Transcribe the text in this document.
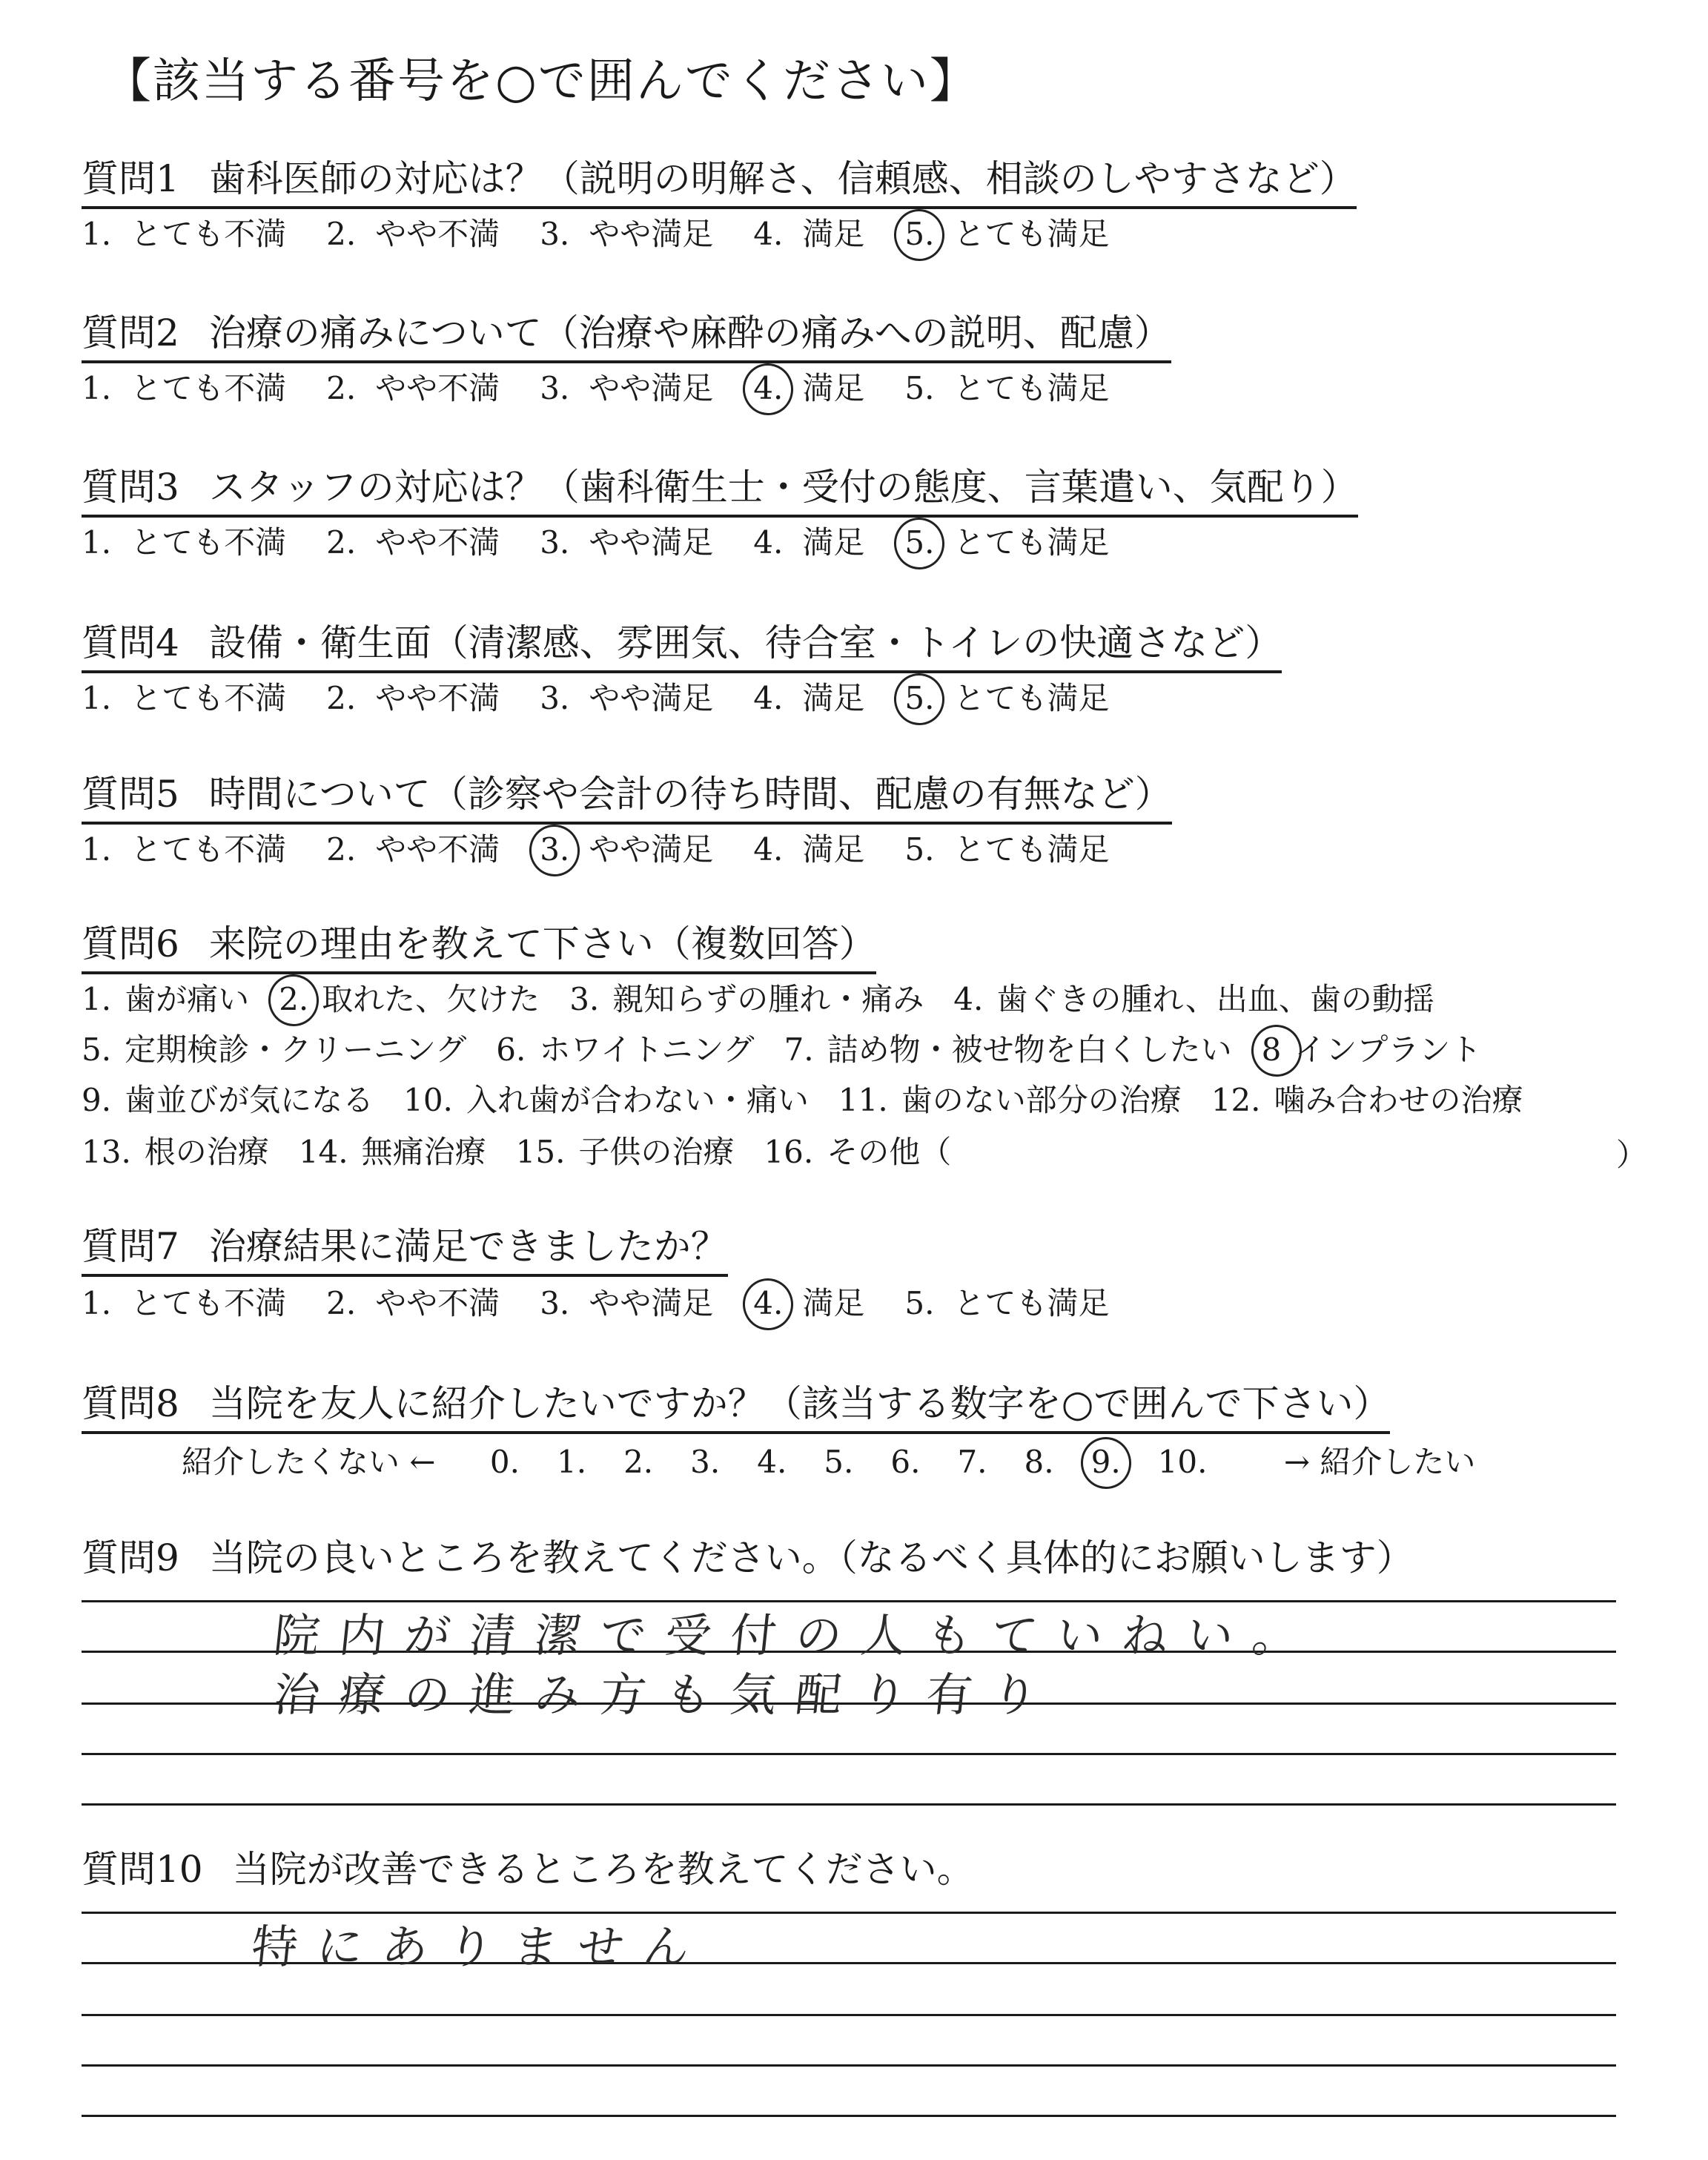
【該当する番号を○で囲んでください】
質問1 歯科医師の対応は？（説明の明解さ、信頼感、相談のしやすさなど）
1. とても不満 2. やや不満 3. やや満足 4. 満足 5. とても満足
質問2 治療の痛みについて（治療や麻酔の痛みへの説明、配慮）
1. とても不満 2. やや不満 3. やや満足 4. 満足 5. とても満足
質問3 スタッフの対応は？（歯科衛生士・受付の態度、言葉遣い、気配り）
1. とても不満 2. やや不満 3. やや満足 4. 満足 5. とても満足
質問4 設備・衛生面（清潔感、雰囲気、待合室・トイレの快適さなど）
1. とても不満 2. やや不満 3. やや満足 4. 満足 5. とても満足
質問5 時間について（診察や会計の待ち時間、配慮の有無など）
1. とても不満 2. やや不満 3. やや満足 4. 満足 5. とても満足
質問6 来院の理由を教えて下さい（複数回答）
1. 歯が痛い 2. 取れた、欠けた 3. 親知らずの腫れ・痛み 4. 歯ぐきの腫れ、出血、歯の動揺
5. 定期検診・クリーニング 6. ホワイトニング 7. 詰め物・被せ物を白くしたい 8 インプラント
9. 歯並びが気になる 10. 入れ歯が合わない・痛い 11. 歯のない部分の治療 12. 噛み合わせの治療
13. 根の治療 14. 無痛治療 15. 子供の治療 16. その他（	）
質問7 治療結果に満足できましたか？
1. とても不満 2. やや不満 3. やや満足 4. 満足 5. とても満足
質問8 当院を友人に紹介したいですか？（該当する数字を○で囲んで下さい）
紹介したくない ← 0. 1. 2. 3. 4. 5. 6. 7. 8. 9. 10. → 紹介したい
質問9 当院の良いところを教えてください。（なるべく具体的にお願いします）
院内が清潔で受付の人もていねい。
治療の進み方も気配り有り
質問10 当院が改善できるところを教えてください。
特にありません
